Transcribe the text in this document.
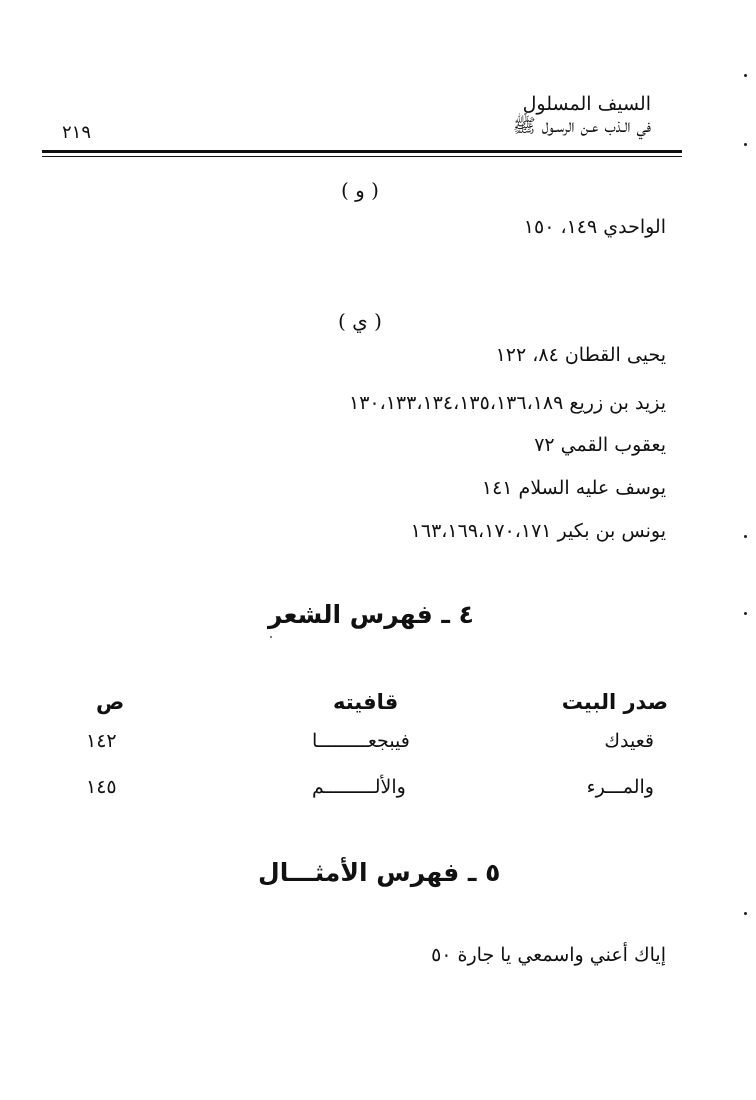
السيف المسلول
في الـذب عـن الرسـول ﷺ
٢١٩
( و )
الواحدي ١٤٩، ١٥٠
( ي )
يحيى القطان ٨٤، ١٢٢
يزيد بن زريع ١٣٠،١٣٣،١٣٤،١٣٥،١٣٦،١٨٩
يعقوب القمي ٧٢
يوسف عليه السلام ١٤١
يونس بن بكير ١٦٣،١٦٩،١٧٠،١٧١
٤ ـ فهرس الشعر
صدر البيت
قافيته
ص
قعيدك
فيبجعـــــــــا
١٤٢
والمـــرء
والألـــــــــم
١٤٥
٥ ـ فهرس الأمثـــال
إياك أعني واسمعي يا جارة ٥٠
